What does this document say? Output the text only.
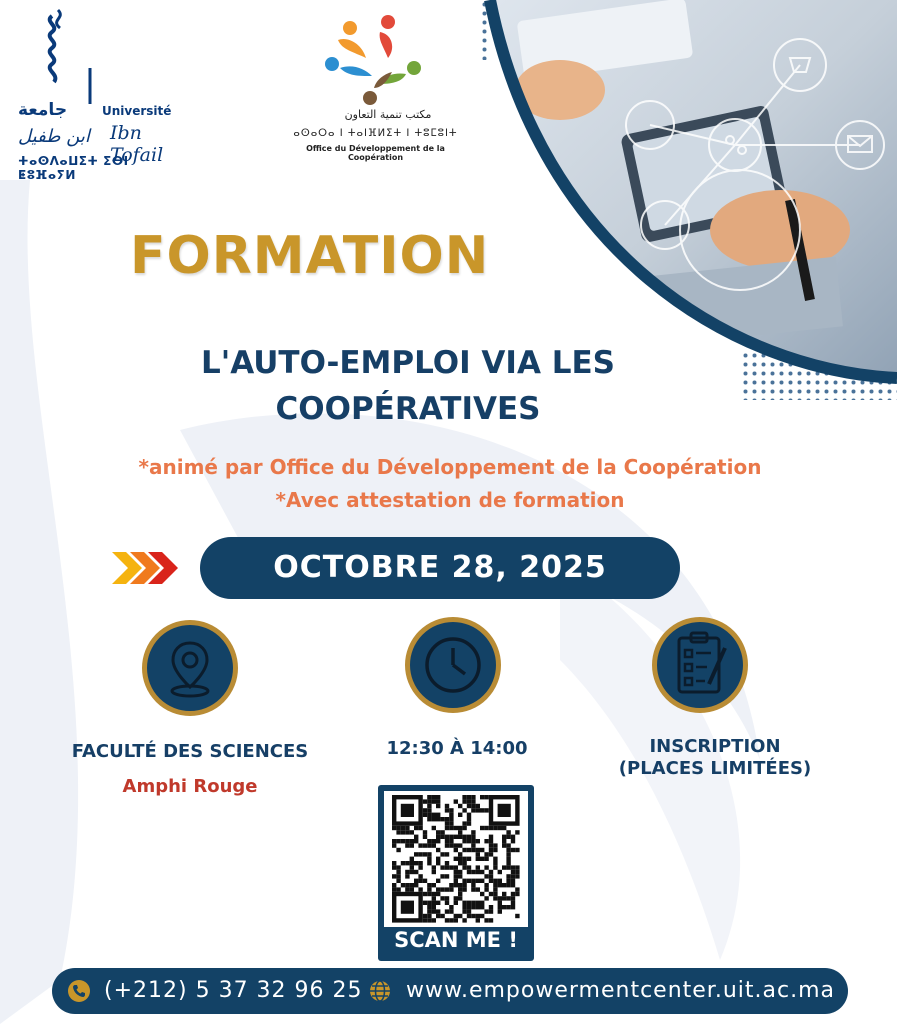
جامعة	Université
ابن طفيل Ibn Tofail
ⵜⴰⵙⴷⴰⵡⵉⵜ ⵉⴱⵏ ⵟⵓⴼⴰⵢⵍ
مكتب تنمية التعاون
ⴰⵙⴰⵔⴰ ⵏ ⵜⴰⵏⴼⵍⵉⵜ ⵏ ⵜⵓⵎⵓⵏⵜ
Office du Développement de la Coopération
FORMATION
L'AUTO-EMPLOI VIA LES
COOPÉRATIVES
*animé par Office du Développement de la Coopération
*Avec attestation de formation
OCTOBRE 28, 2025
FACULTÉ DES SCIENCES
Amphi Rouge
12:30 À 14:00	INSCRIPTION
(PLACES LIMITÉES)
SCAN ME !
(+212) 5 37 32 96 25 www.empowermentcenter.uit.ac.ma
